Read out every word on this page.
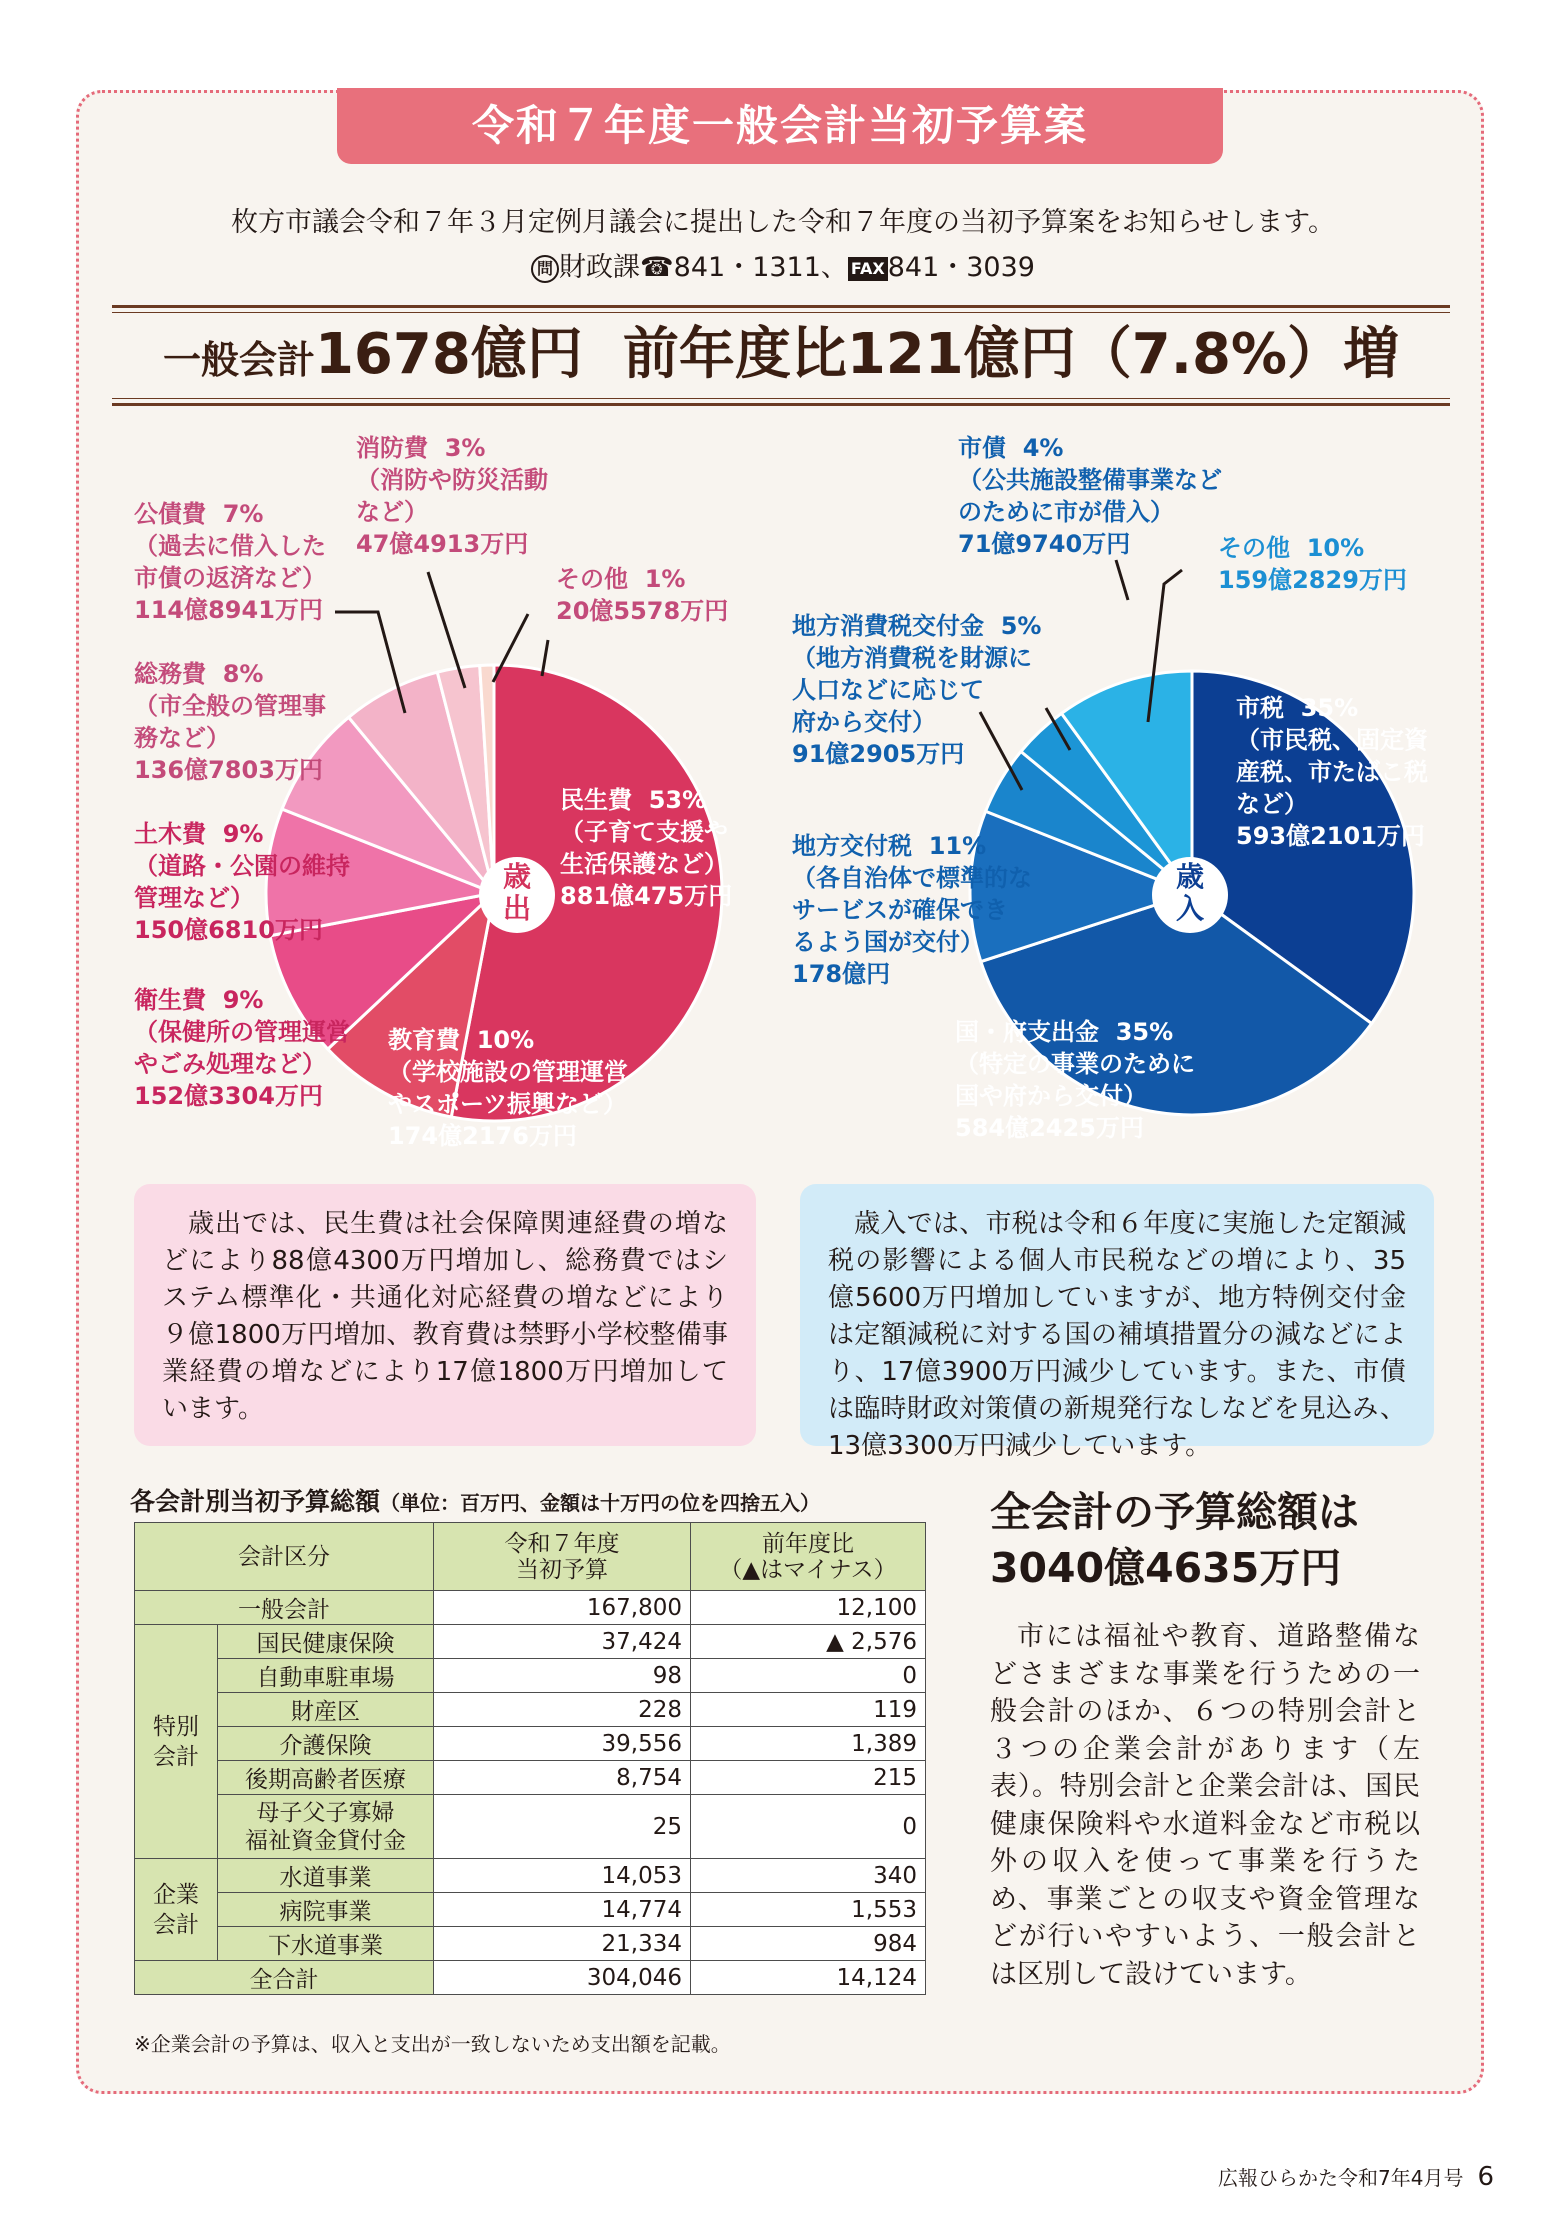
令和７年度一般会計当初予算案
枚方市議会令和７年３月定例月議会に提出した令和７年度の当初予算案をお知らせします。
問 財政課☎841・1311、 FAX 841・3039
一般会計1678億円 前年度比121億円（7.8%）増
歳
出
歳
入
消防費 3%
（消防や防災活動
など）
47億4913万円
公債費 7%
（過去に借入した
市債の返済など）
114億8941万円
その他 1%
20億5578万円
総務費 8%
（市全般の管理事
務など）
136億7803万円
土木費 9%
（道路・公園の維持
管理など）
150億6810万円
衛生費 9%
（保健所の管理運営
やごみ処理など）
152億3304万円
民生費 53%
（子育て支援や
生活保護など）
881億475万円
教育費 10%
（学校施設の管理運営
やスポーツ振興など）
174億2176万円
市債 4%
（公共施設整備事業など
のために市が借入）
71億9740万円	その他 10%
159億2829万円
地方消費税交付金 5%
（地方消費税を財源に
人口などに応じて
府から交付）
91億2905万円
地方交付税 11%
（各自治体で標準的な
サービスが確保でき
るよう国が交付）
178億円
市税 35%
（市民税、固定資
産税、市たばこ税
など）
593億2101万円
国・府支出金 35%
（特定の事業のために
国や府から交付）
584億2425万円
歳出では、民生費は社会保障関連経費の増などにより88億4300万円増加し、総務費ではシステム標準化・共通化対応経費の増などにより９億1800万円増加、教育費は禁野小学校整備事業経費の増などにより17億1800万円増加しています。
歳入では、市税は令和６年度に実施した定額減税の影響による個人市民税などの増により、35億5600万円増加していますが、地方特例交付金は定額減税に対する国の補填措置分の減などにより、17億3900万円減少しています。また、市債は臨時財政対策債の新規発行なしなどを見込み、13億3300万円減少しています。
各会計別当初予算総額（単位：百万円、金額は十万円の位を四捨五入）
会計区分		令和７年度
当初予算	前年度比
（▲はマイナス）
一般会計		167,800	12,100
特別
会計	国民健康保険	37,424	▲ 2,576
	自動車駐車場	98	0
	財産区	228	119
	介護保険	39,556	1,389
	後期高齢者医療	8,754	215
	母子父子寡婦
福祉資金貸付金	25	0
企業
会計	水道事業	14,053	340
	病院事業	14,774	1,553
	下水道事業	21,334	984
全合計		304,046	14,124
※企業会計の予算は、収入と支出が一致しないため支出額を記載。
全会計の予算総額は
3040億4635万円
市には福祉や教育、道路整備などさまざまな事業を行うための一般会計のほか、６つの特別会計と３つの企業会計があります（左表）。特別会計と企業会計は、国民健康保険料や水道料金など市税以外の収入を使って事業を行うため、事業ごとの収支や資金管理などが行いやすいよう、一般会計とは区別して設けています。
広報ひらかた令和7年4月号 6
